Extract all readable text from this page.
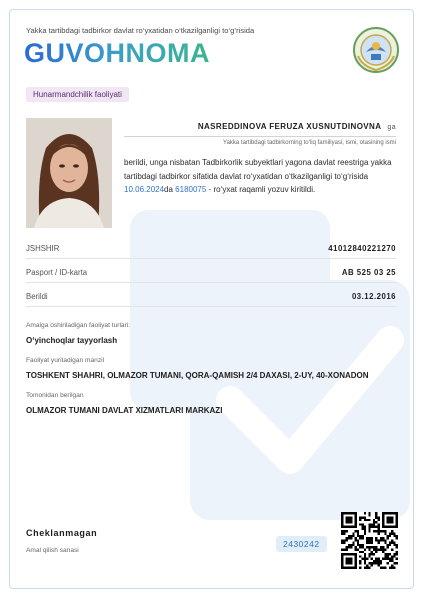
Yakka tartibdagi tadbirkor davlat ro‘yxatidan o‘tkazilganligi to‘g‘risida
GUVOHNOMA
Hunarmandchilik faoliyati
NASREDDINOVA FERUZA XUSNUTDINOVNA ga
Yakka tartibdagi tadbirkorning to‘liq familiyasi, ismi, otasining ismi
berildi, unga nisbatan Tadbirkorlik subyektlari yagona davlat reestriga yakka tartibdagi tadbirkor sifatida davlat ro‘yxatidan o‘tkazilganligi to‘g‘risida 10.06.2024da 6180075 - ro‘yxat raqamli yozuv kiritildi.
JSHSHIR	41012840221270
Pasport / ID-karta	AB 525 03 25
Berildi	03.12.2016
Amalga oshiriladigan faoliyat turlari:
O‘yinchoqlar tayyorlash
Faoliyat yuritadigan manzil
TOSHKENT SHAHRI, OLMAZOR TUMANI, QORA-QAMISH 2/4 DAXASI, 2-UY, 40-XONADON
Tomonidan berilgan
OLMAZOR TUMANI DAVLAT XIZMATLARI MARKAZI
Cheklanmagan
Amal qilish sanasi
2430242
